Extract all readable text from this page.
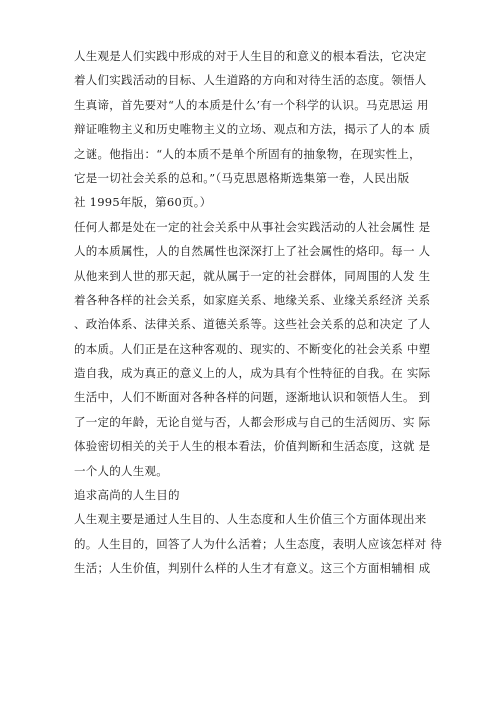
人生观是人们实践中形成的对于人生目的和意义的根本看法，它决定
着人们实践活动的目标、人生道路的方向和对待生活的态度。领悟人
生真谛，首先要对“人的本质是什么’有一个科学的认识。马克思运 用
辩证唯物主义和历史唯物主义的立场、观点和方法，揭示了人的本 质
之谜。他指出：“人的本质不是单个所固有的抽象物，在现实性上，
它是一切社会关系的总和。”（马克思恩格斯选集第一卷，人民出版
社 1995年版，第60页。）
任何人都是处在一定的社会关系中从事社会实践活动的人社会属性 是
人的本质属性，人的自然属性也深深打上了社会属性的烙印。每一 人
从他来到人世的那天起，就从属于一定的社会群体，同周围的人发 生
着各种各样的社会关系，如家庭关系、地缘关系、业缘关系经济 关系
、政治体系、法律关系、道德关系等。这些社会关系的总和决定 了人
的本质。人们正是在这种客观的、现实的、不断变化的社会关系 中塑
造自我，成为真正的意义上的人，成为具有个性特征的自我。在 实际
生活中，人们不断面对各种各样的问题，逐渐地认识和领悟人生。 到
了一定的年龄，无论自觉与否，人都会形成与自己的生活阅历、实 际
体验密切相关的关于人生的根本看法，价值判断和生活态度，这就 是
一个人的人生观。
追求高尚的人生目的
人生观主要是通过人生目的、人生态度和人生价值三个方面体现出来
的。人生目的，回答了人为什么活着；人生态度，表明人应该怎样对 待
生活；人生价值，判别什么样的人生才有意义。这三个方面相辅相 成
